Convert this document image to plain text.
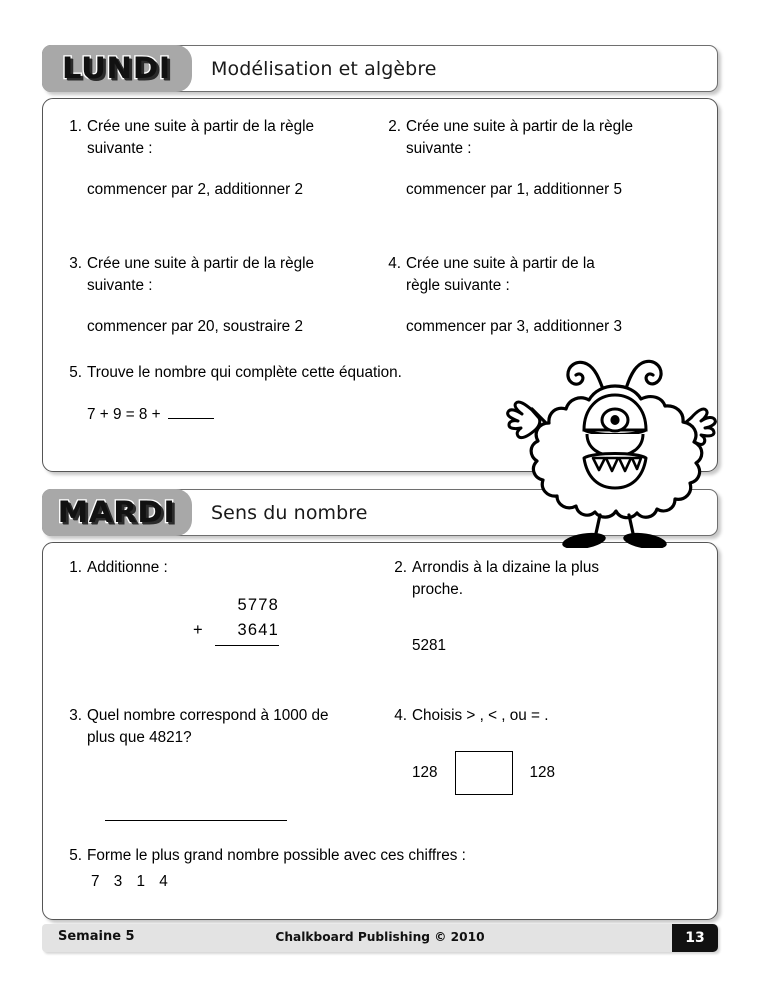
LUNDI Modélisation et algèbre
1. Crée une suite à partir de la règle suivante :
commencer par 2, additionner 2
2. Crée une suite à partir de la règle suivante :
commencer par 1, additionner 5
3. Crée une suite à partir de la règle suivante :
commencer par 20, soustraire 2
4. Crée une suite à partir de la règle suivante :
commencer par 3, additionner 3
5. Trouve le nombre qui complète cette équation.
7 + 9 = 8 +
MARDI Sens du nombre
1. Additionne :
5778
+	3641
2. Arrondis à la dizaine la plus proche.
5281
3. Quel nombre correspond à 1000 de plus que 4821?
4. Choisis > , < , ou = .
128	128
5. Forme le plus grand nombre possible avec ces chiffres :
7 3 1 4
Semaine 5	Chalkboard Publishing © 2010	13
